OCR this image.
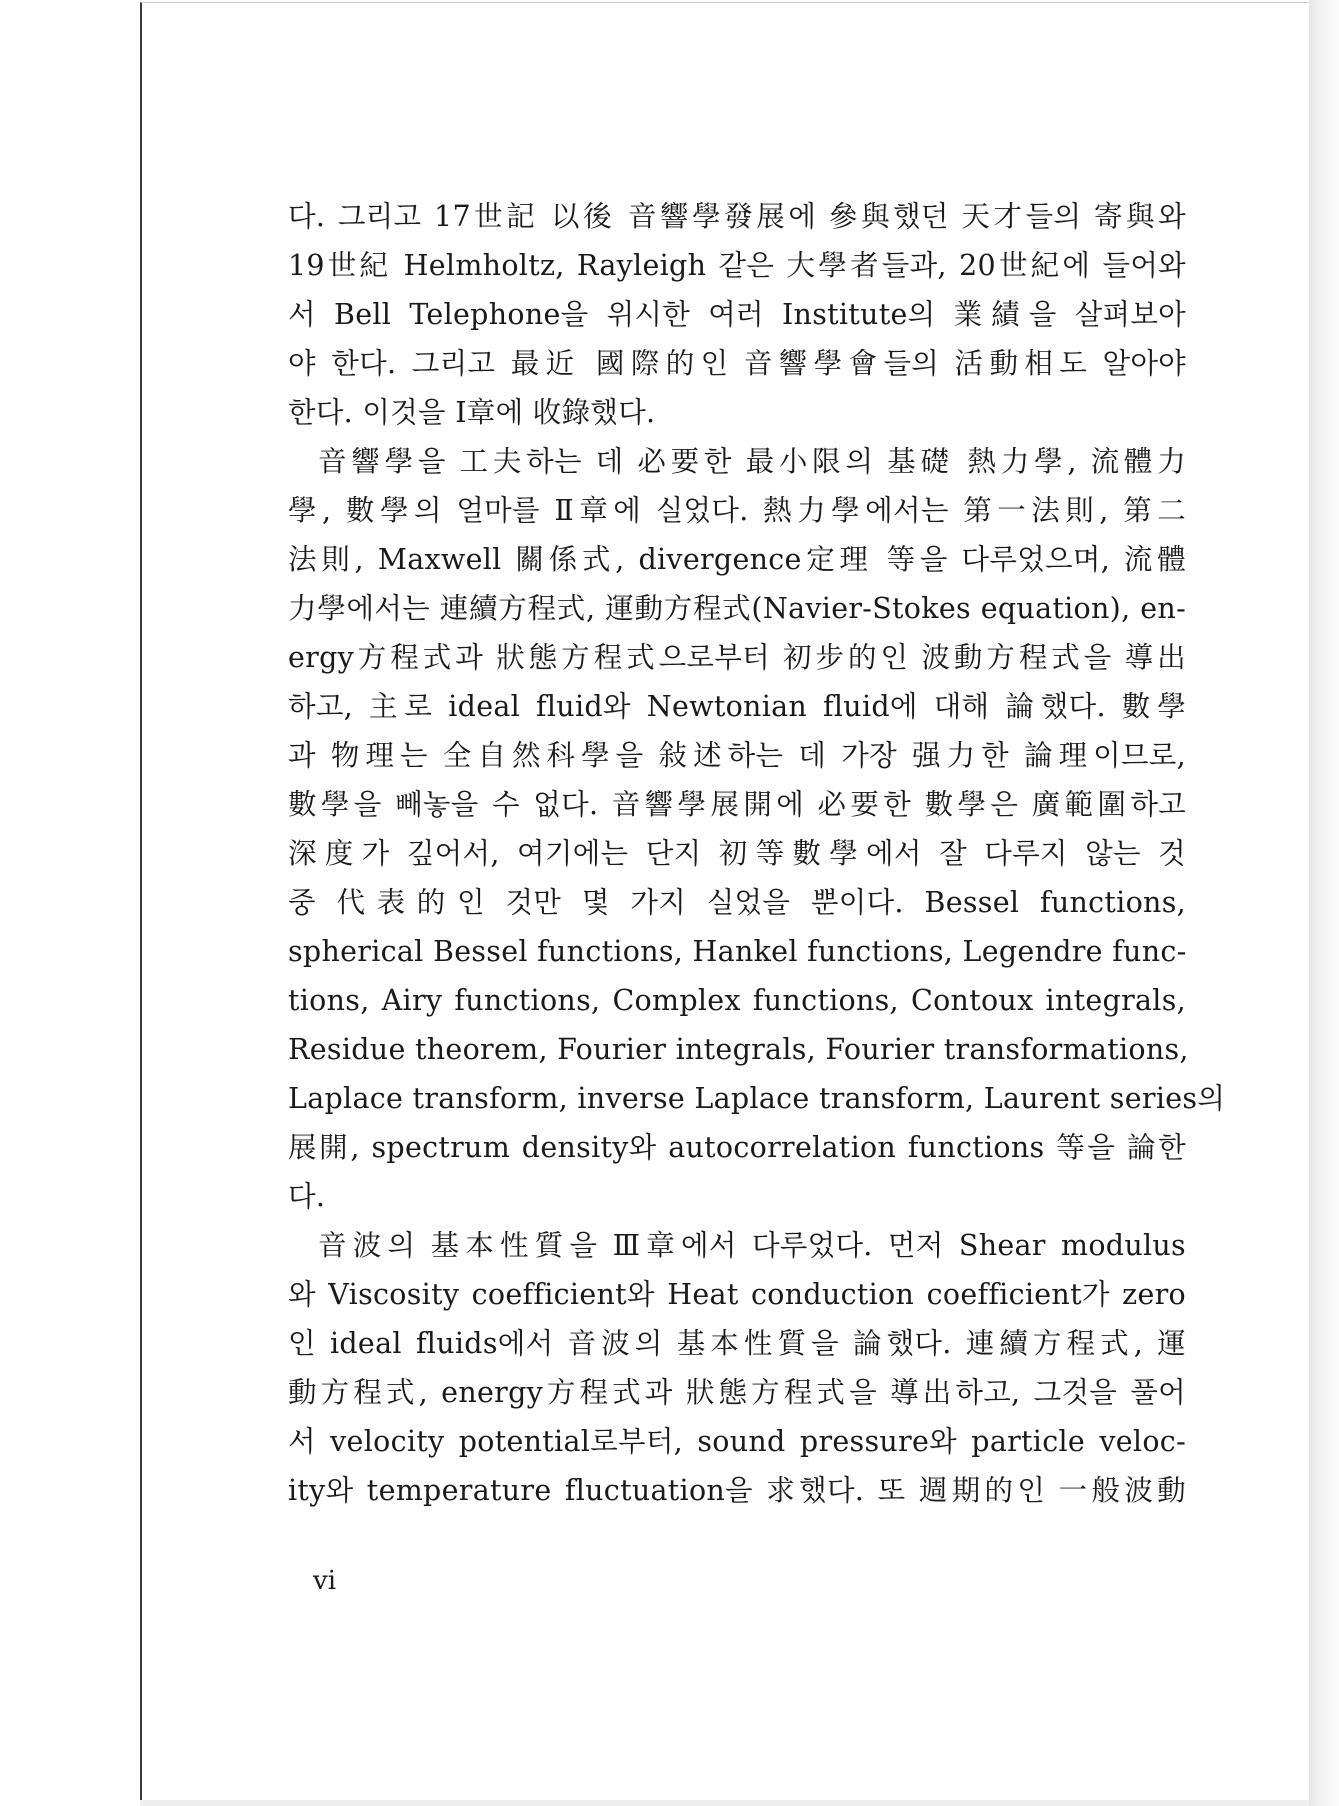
다. 그리고 17世記 以後 音響學發展에 參與했던 天才들의 寄與와
19世紀 Helmholtz, Rayleigh 같은 大學者들과, 20世紀에 들어와
서 Bell Telephone을 위시한 여러 Institute의 業績을 살펴보아
야 한다. 그리고 最近 國際的인 音響學會들의 活動相도 알아야
한다. 이것을 Ⅰ章에 收錄했다.
音響學을 工夫하는 데 必要한 最小限의 基礎 熱力學, 流體力
學, 數學의 얼마를 Ⅱ章에 실었다. 熱力學에서는 第一法則, 第二
法則, Maxwell 關係式, divergence定理 等을 다루었으며, 流體
力學에서는 連續方程式, 運動方程式(Navier-Stokes equation), en-
ergy方程式과 狀態方程式으로부터 初步的인 波動方程式을 導出
하고, 主로 ideal fluid와 Newtonian fluid에 대해 論했다. 數學
과 物理는 全自然科學을 敍述하는 데 가장 强力한 論理이므로,
數學을 빼놓을 수 없다. 音響學展開에 必要한 數學은 廣範圍하고
深度가 깊어서, 여기에는 단지 初等數學에서 잘 다루지 않는 것
중 代表的인 것만 몇 가지 실었을 뿐이다. Bessel functions,
spherical Bessel functions, Hankel functions, Legendre func-
tions, Airy functions, Complex functions, Contoux integrals,
Residue theorem, Fourier integrals, Fourier transformations,
Laplace transform, inverse Laplace transform, Laurent series의
展開, spectrum density와 autocorrelation functions 等을 論한
다.
音波의 基本性質을 Ⅲ章에서 다루었다. 먼저 Shear modulus
와 Viscosity coefficient와 Heat conduction coefficient가 zero
인 ideal fluids에서 音波의 基本性質을 論했다. 連續方程式, 運
動方程式, energy方程式과 狀態方程式을 導出하고, 그것을 풀어
서 velocity potential로부터, sound pressure와 particle veloc-
ity와 temperature fluctuation을 求했다. 또 週期的인 一般波動
vi
